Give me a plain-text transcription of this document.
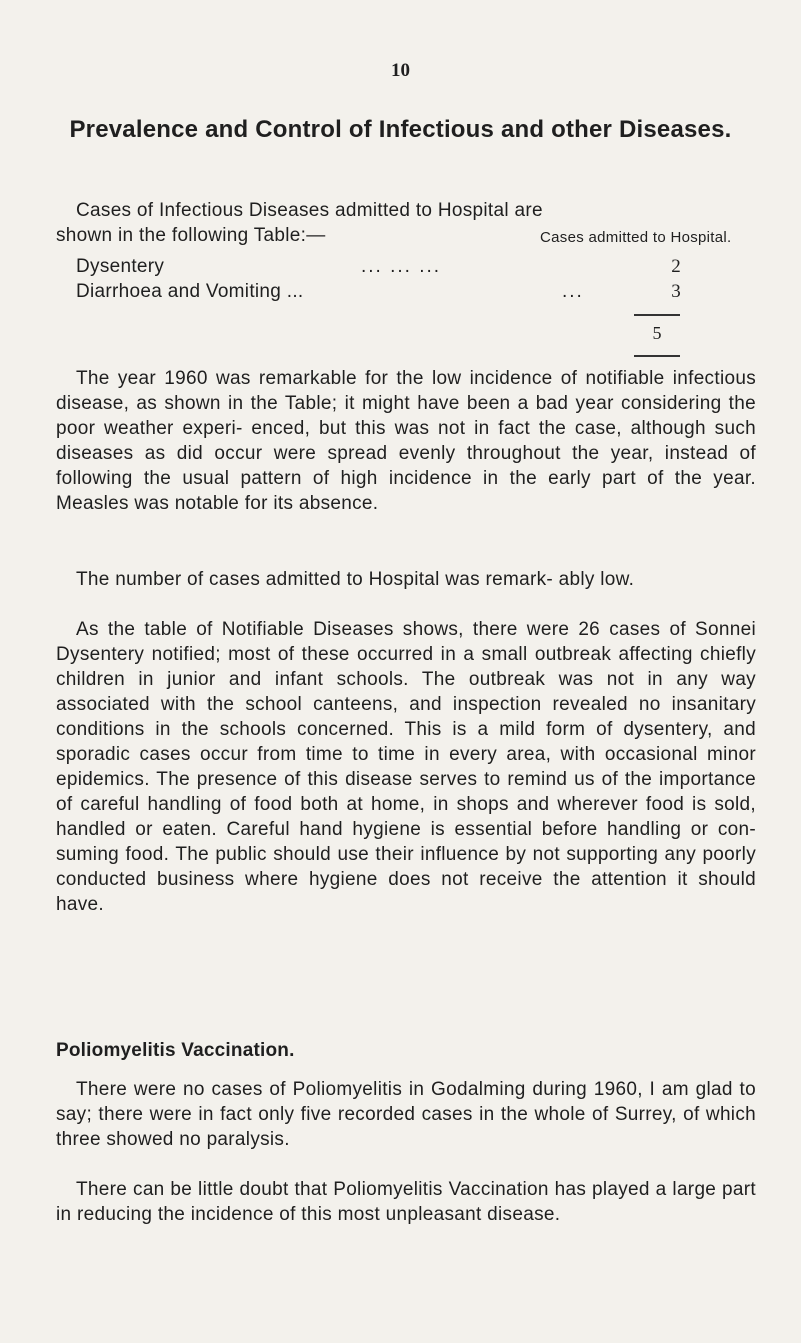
10
Prevalence and Control of Infectious and other Diseases.
Cases of Infectious Diseases admitted to Hospital are
shown in the following Table:—	Cases admitted to Hospital.
Dysentery	... ... ...	2
Diarrhoea and Vomiting ...	...	3
5
The year 1960 was remarkable for the low incidence of notifiable infectious disease, as shown in the Table; it might have been a bad year considering the poor weather experi- enced, but this was not in fact the case, although such diseases as did occur were spread evenly throughout the year, instead of following the usual pattern of high incidence in the early part of the year. Measles was notable for its absence.
The number of cases admitted to Hospital was remark- ably low.
As the table of Notifiable Diseases shows, there were 26 cases of Sonnei Dysentery notified; most of these occurred in a small outbreak affecting chiefly children in junior and infant schools. The outbreak was not in any way associated with the school canteens, and inspection revealed no insanitary conditions in the schools concerned. This is a mild form of dysentery, and sporadic cases occur from time to time in every area, with occasional minor epidemics. The presence of this disease serves to remind us of the importance of careful handling of food both at home, in shops and wherever food is sold, handled or eaten. Careful hand hygiene is essential before handling or con- suming food. The public should use their influence by not supporting any poorly conducted business where hygiene does not receive the attention it should have.
Poliomyelitis Vaccination.
There were no cases of Poliomyelitis in Godalming during 1960, I am glad to say; there were in fact only five recorded cases in the whole of Surrey, of which three showed no paralysis.
There can be little doubt that Poliomyelitis Vaccination has played a large part in reducing the incidence of this most unpleasant disease.
